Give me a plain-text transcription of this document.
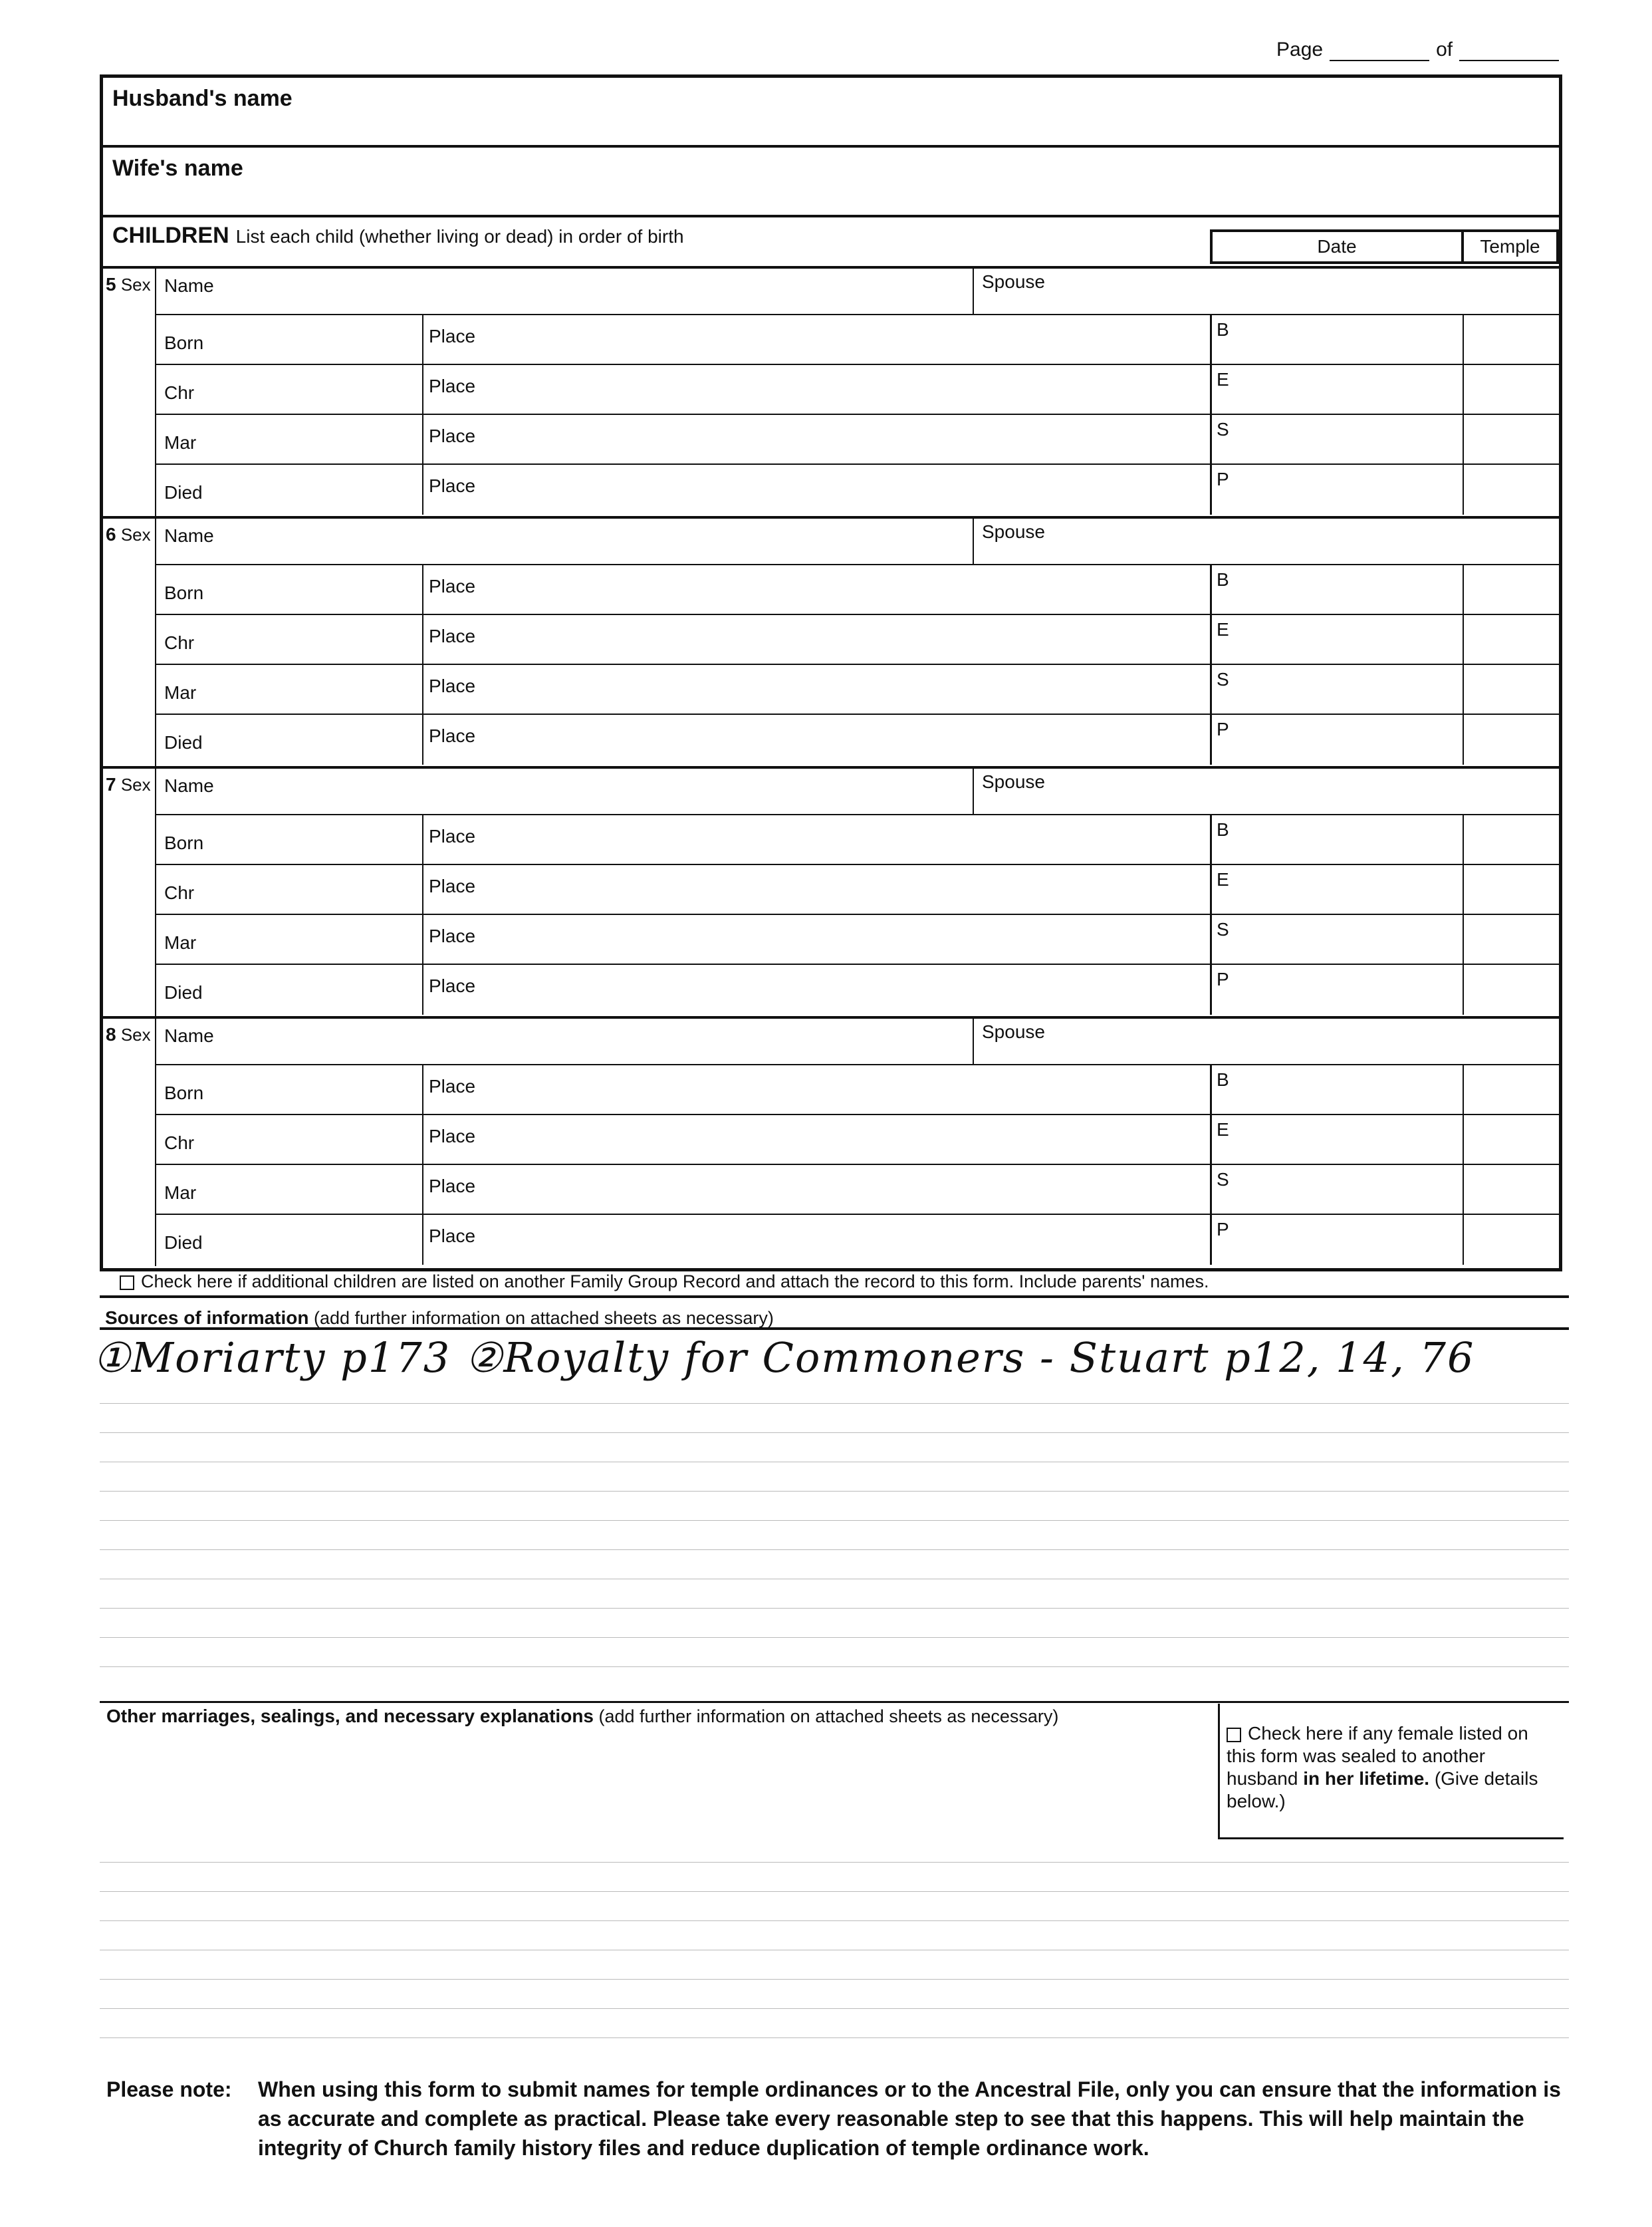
Page	of
Husband's name
Wife's name
CHILDREN List each child (whether living or dead) in order of birth	Date	Temple
5 Sex Name	Spouse
Born	Place	B
Chr	Place	E
Mar	Place	S
Died	Place	P
6 Sex Name	Spouse
Born	Place	B
Chr	Place	E
Mar	Place	S
Died	Place	P
7 Sex Name	Spouse
Born	Place	B
Chr	Place	E
Mar	Place	S
Died	Place	P
8 Sex Name	Spouse
Born	Place	B
Chr	Place	E
Mar	Place	S
Died	Place	P
Check here if additional children are listed on another Family Group Record and attach the record to this form. Include parents' names.
Sources of information (add further information on attached sheets as necessary)
①Moriarty p173 ②Royalty for Commoners - Stuart p12, 14, 76
Other marriages, sealings, and necessary explanations (add further information on attached sheets as necessary)
Check here if any female listed on this form was sealed to another husband in her lifetime. (Give details below.)
Please note: When using this form to submit names for temple ordinances or to the Ancestral File, only you can ensure that the information is as accurate and complete as practical. Please take every reasonable step to see that this happens. This will help maintain the integrity of Church family history files and reduce duplication of temple ordinance work.
